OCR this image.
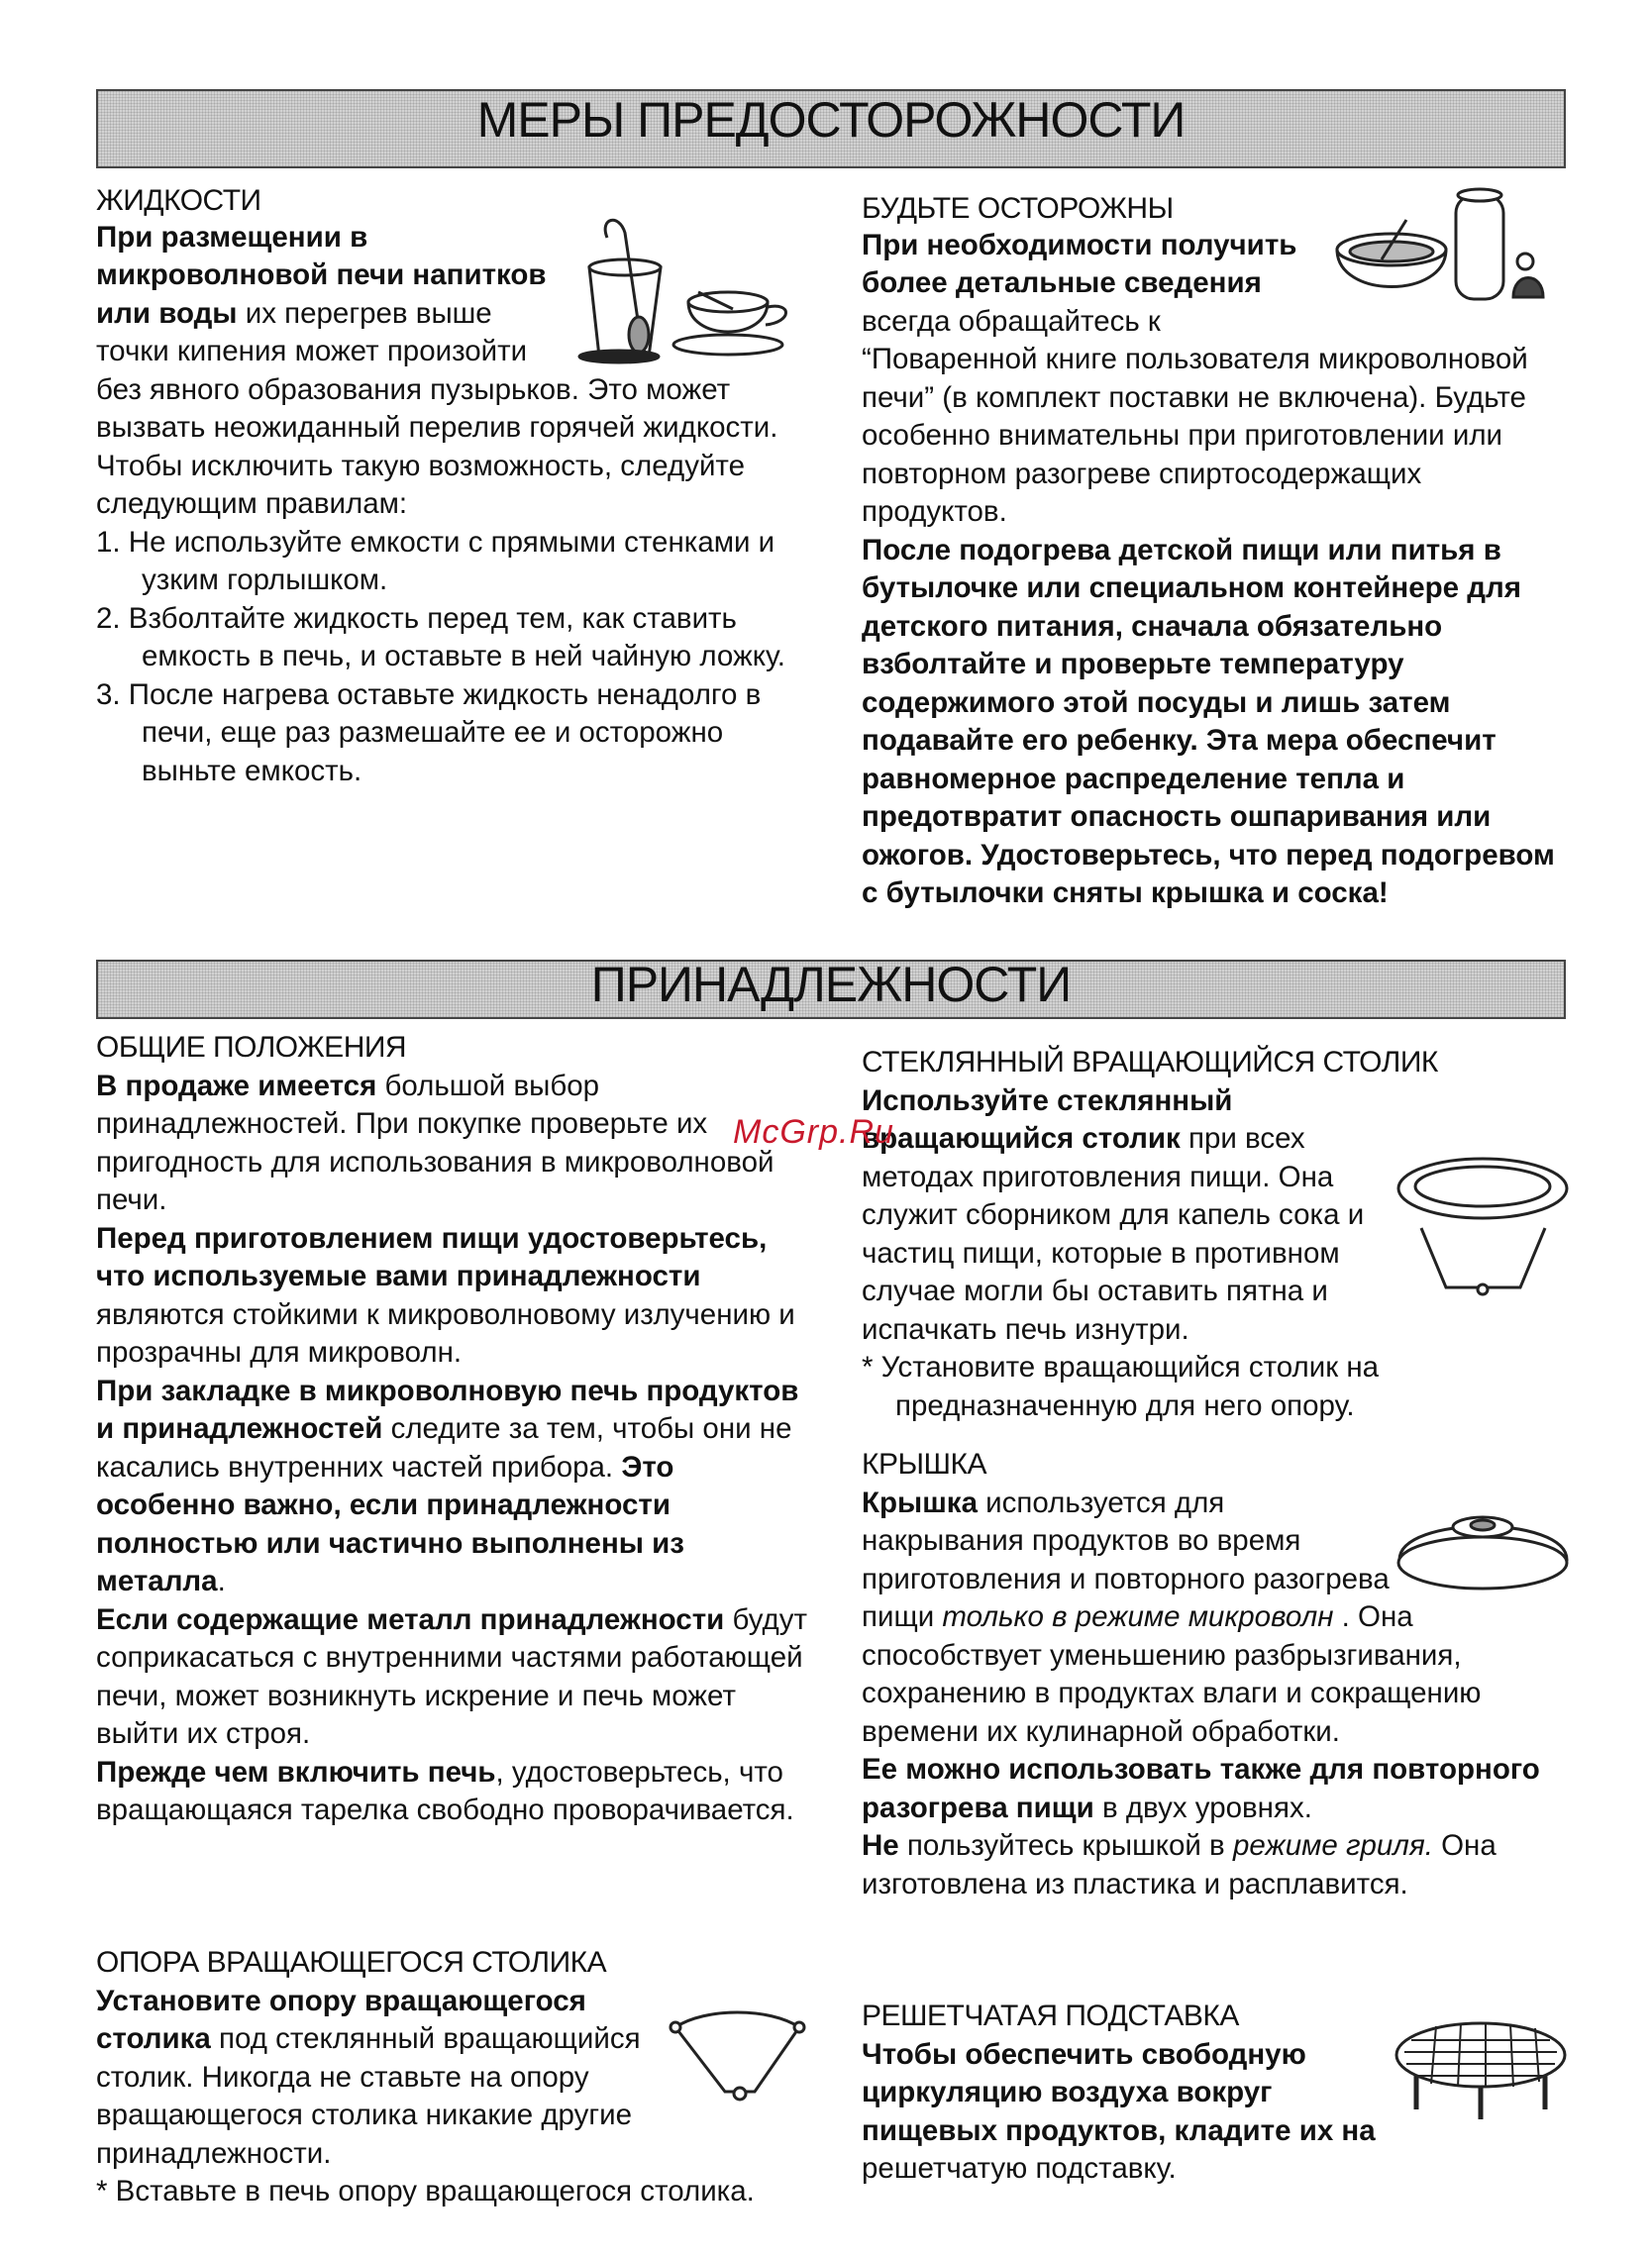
МЕРЫ ПРЕДОСТОРОЖНОСТИ
ПРИНАДЛЕЖНОСТИ

ЖИДКОСТИ

При размещении в микроволновой печи напитков или воды их перегрев выше точки кипения может произойти без явного образования пузырьков. Это может вызвать неожиданный перелив горячей жидкости. Чтобы исключить такую возможность, следуйте следующим правилам:

1. Не используйте емкости с прямыми стенками и узким горлышком.

2. Взболтайте жидкость перед тем, как ставить емкость в печь, и оставьте в ней чайную ложку.

3. После нагрева оставьте жидкость ненадолго в печи, еще раз размешайте ее и осторожно выньте емкость.

БУДЬТЕ ОСТОРОЖНЫ

При необходимости получить более детальные сведения всегда обращайтесь к “Поваренной книге пользователя микроволновой печи” (в комплект поставки не включена). Будьте особенно внимательны при приготовлении или повторном разогреве спиртосодержащих продуктов.

После подогрева детской пищи или питья в бутылочке или специальном контейнере для детского питания, сначала обязательно взболтайте и проверьте температуру содержимого этой посуды и лишь затем подавайте его ребенку. Эта мера обеспечит равномерное распределение тепла и предотвратит опасность ошпаривания или ожогов. Удостоверьтесь, что перед подогревом с бутылочки сняты крышка и соска!

ОБЩИЕ ПОЛОЖЕНИЯ

В продаже имеется большой выбор принадлежностей. При покупке проверьте их пригодность для использования в микроволновой печи.

Перед приготовлением пищи удостоверьтесь, что используемые вами принадлежности являются стойкими к микроволновому излучению и прозрачны для микроволн.

При закладке в микроволновую печь продуктов и принадлежностей следите за тем, чтобы они не касались внутренних частей прибора. Это особенно важно, если принадлежности полностью или частично выполнены из металла.

Если содержащие металл принадлежности будут соприкасаться с внутренними частями работающей печи, может возникнуть искрение и печь может выйти их строя.

Прежде чем включить печь, удостоверьтесь, что вращающаяся тарелка свободно проворачивается.

ОПОРА ВРАЩАЮЩЕГОСЯ СТОЛИКА

Установите опору вращающегося столика под стеклянный вращающийся столик. Никогда не ставьте на опору вращающегося столика никакие другие принадлежности.

* Вставьте в печь опору вращающегося столика.

СТЕКЛЯННЫЙ ВРАЩАЮЩИЙСЯ СТОЛИК

Используйте стеклянный вращающийся столик при всех методах приготовления пищи. Она служит сборником для капель сока и частиц пищи, которые в противном случае могли бы оставить пятна и испачкать печь изнутри.

* Установите вращающийся столик на предназначенную для него опору.

КРЫШКА

Крышка используется для накрывания продуктов во время приготовления и повторного разогрева пищи только в режиме микроволн . Она способствует уменьшению разбрызгивания, сохранению в продуктах влаги и сокращению времени их кулинарной обработки.

Ее можно использовать также для повторного разогрева пищи в двух уровнях.

Не пользуйтесь крышкой в режиме гриля. Она изготовлена из пластика и расплавится.

РЕШЕТЧАТАЯ ПОДСТАВКА

Чтобы обеспечить свободную циркуляцию воздуха вокруг пищевых продуктов, кладите их на решетчатую подставку.

McGrp.Ru
